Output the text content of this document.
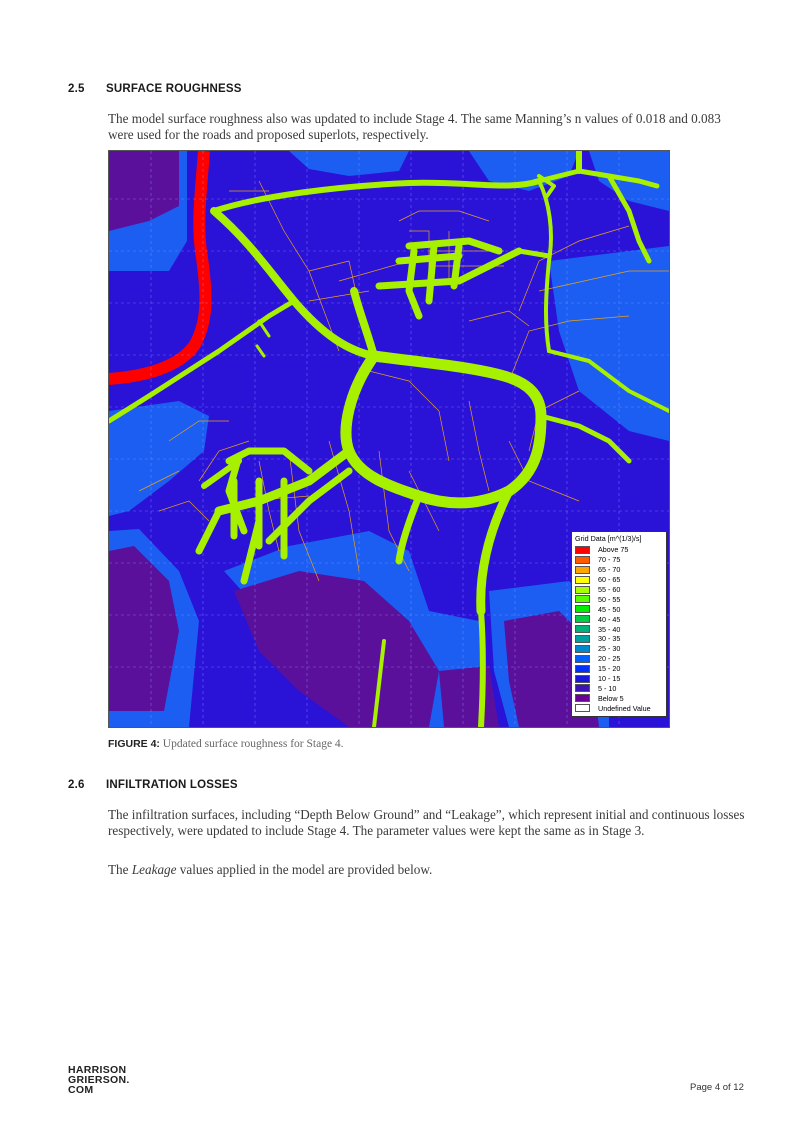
2.5 SURFACE ROUGHNESS
The model surface roughness also was updated to include Stage 4. The same Manning’s n values of 0.018 and 0.083 were used for the roads and proposed superlots, respectively.
Grid Data [m^(1/3)/s]
Above 75
70 - 75
65 - 70
60 - 65
55 - 60
50 - 55
45 - 50
40 - 45
35 - 40
30 - 35
25 - 30
20 - 25
15 - 20
10 - 15
5 - 10
Below 5
Undefined Value
FIGURE 4: Updated surface roughness for Stage 4.
2.6 INFILTRATION LOSSES
The infiltration surfaces, including “Depth Below Ground” and “Leakage”, which represent initial and continuous losses respectively, were updated to include Stage 4. The parameter values were kept the same as in Stage 3.
The Leakage values applied in the model are provided below.
HARRISON
GRIERSON.
COM	Page 4 of 12
